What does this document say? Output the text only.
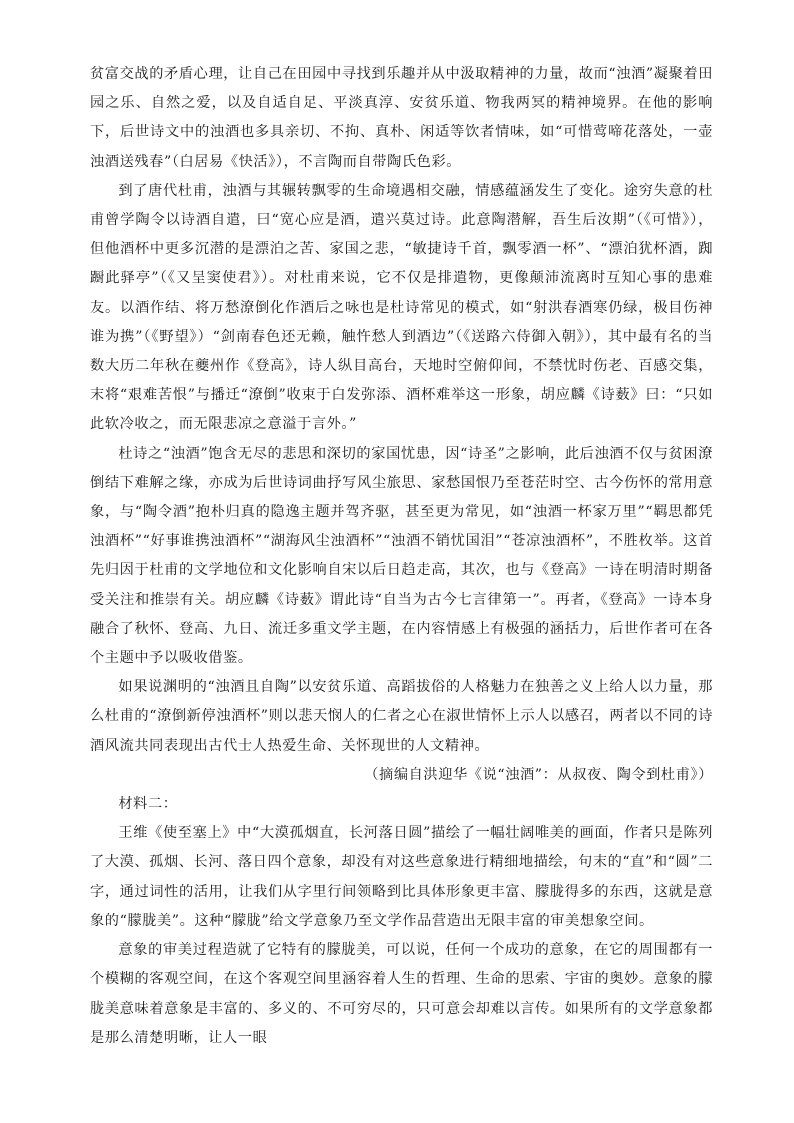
贫富交战的矛盾心理，让自己在田园中寻找到乐趣并从中汲取精神的力量，故而“浊酒”凝聚着田园之乐、自然之爱，以及自适自足、平淡真淳、安贫乐道、物我两冥的精神境界。在他的影响下，后世诗文中的浊酒也多具亲切、不拘、真朴、闲适等饮者情味，如“可惜莺啼花落处，一壶浊酒送残春”（白居易《快活》），不言陶而自带陶氏色彩。

到了唐代杜甫，浊酒与其辗转飘零的生命境遇相交融，情感蕴涵发生了变化。途穷失意的杜甫曾学陶令以诗酒自遣，曰“宽心应是酒，遣兴莫过诗。此意陶潜解，吾生后汝期”（《可惜》），但他酒杯中更多沉潜的是漂泊之苦、家国之悲，“敏捷诗千首，飘零酒一杯”、“漂泊犹杯酒，踟蹰此驿亭”（《又呈窦使君》）。对杜甫来说，它不仅是排遣物，更像颠沛流离时互知心事的患难友。以酒作结、将万愁潦倒化作酒后之咏也是杜诗常见的模式，如“射洪春酒寒仍绿，极目伤神谁为携”（《野望》）“剑南春色还无赖，触忤愁人到酒边”（《送路六侍御入朝》），其中最有名的当数大历二年秋在夔州作《登高》，诗人纵目高台，天地时空俯仰间，不禁忧时伤老、百感交集，末将“艰难苦恨”与播迁“潦倒”收束于白发弥添、酒杯难举这一形象，胡应麟《诗薮》曰：“只如此软冷收之，而无限悲凉之意溢于言外。”

杜诗之“浊酒”饱含无尽的悲思和深切的家国忧患，因“诗圣”之影响，此后浊酒不仅与贫困潦倒结下难解之缘，亦成为后世诗词曲抒写风尘旅思、家愁国恨乃至苍茫时空、古今伤怀的常用意象，与“陶令酒”抱朴归真的隐逸主题并驾齐驱，甚至更为常见，如“浊酒一杯家万里”“羁思都凭浊酒杯”“好事谁携浊酒杯”“湖海风尘浊酒杯”“浊酒不销忧国泪”“苍凉浊酒杯”，不胜枚举。这首先归因于杜甫的文学地位和文化影响自宋以后日趋走高，其次，也与《登高》一诗在明清时期备受关注和推崇有关。胡应麟《诗薮》谓此诗“自当为古今七言律第一”。再者，《登高》一诗本身融合了秋怀、登高、九日、流迁多重文学主题，在内容情感上有极强的涵括力，后世作者可在各个主题中予以吸收借鉴。

如果说渊明的“浊酒且自陶”以安贫乐道、高蹈拔俗的人格魅力在独善之义上给人以力量，那么杜甫的“潦倒新停浊酒杯”则以悲天悯人的仁者之心在淑世情怀上示人以感召，两者以不同的诗酒风流共同表现出古代士人热爱生命、关怀现世的人文精神。

（摘编自洪迎华《说“浊酒”：从叔夜、陶令到杜甫》）

材料二：

王维《使至塞上》中“大漠孤烟直，长河落日圆”描绘了一幅壮阔唯美的画面，作者只是陈列了大漠、孤烟、长河、落日四个意象，却没有对这些意象进行精细地描绘，句末的“直”和“圆”二字，通过词性的活用，让我们从字里行间领略到比具体形象更丰富、朦胧得多的东西，这就是意象的“朦胧美”。这种“朦胧”给文学意象乃至文学作品营造出无限丰富的审美想象空间。

意象的审美过程造就了它特有的朦胧美，可以说，任何一个成功的意象，在它的周围都有一个模糊的客观空间，在这个客观空间里涵容着人生的哲理、生命的思索、宇宙的奥妙。意象的朦胧美意味着意象是丰富的、多义的、不可穷尽的，只可意会却难以言传。如果所有的文学意象都是那么清楚明晰，让人一眼
